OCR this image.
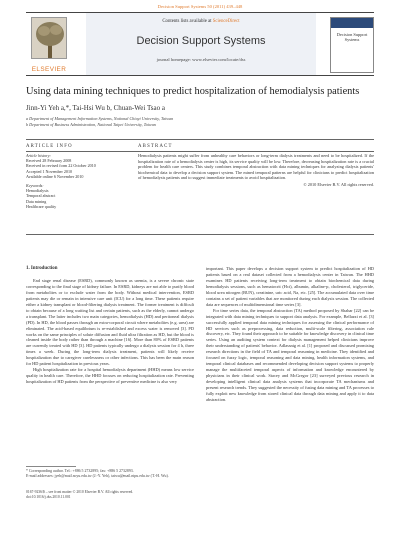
Decision Support Systems 50 (2011) 439–448
ELSEVIER
Contents lists available at ScienceDirect
Decision Support Systems
journal homepage: www.elsevier.com/locate/dss
Decision Support Systems
Using data mining techniques to predict hospitalization of hemodialysis patients
Jinn-Yi Yeh a,*, Tai-Hsi Wu b, Chuan-Wei Tsao a
a Department of Management Information Systems, National Chiayi University, Taiwan
b Department of Business Administration, National Taipei University, Taiwan
ARTICLE INFO	ABSTRACT
Article history:
Received 28 February 2008
Received in revised form 22 October 2010
Accepted 1 November 2010
Available online 6 November 2010
Keywords:
Hemodialysis
Temporal abstract
Data mining
Healthcare quality
Hemodialysis patients might suffer from unhealthy care behaviors or long-term dialysis treatments and need to be hospitalized. If the hospitalization rate of a hemodialysis center is high, its service quality will be low. Therefore, decreasing hospitalization rate is a crucial problem for health care centers. This study combines temporal abstraction with data mining techniques for analyzing dialysis patients' biochemical data to develop a decision support system. The mined temporal patterns are helpful for clinicians to predict hospitalization of hemodialysis patients and to suggest immediate treatments to avoid hospitalization.
© 2010 Elsevier B.V. All rights reserved.
1. Introduction

End stage renal disease (ESRD), commonly known as uremia, is a severe chronic state corresponding to the final stage of kidney failure. In ESRD, kidneys are not able to purify blood from metabolites or to exclude water from the body. Without medical intervention, ESRD patients may die or remain in intensive care unit (ICU) for a long time. These patients require either a kidney transplant or blood-filtering dialysis treatment. The former treatment is difficult to obtain because of a long waiting list and certain patients, such as the elderly, cannot undergo a transplant. The latter includes two main categories, hemodialysis (HD) and peritoneal dialysis (PD). In HD, the blood passes through an extra-corporal circuit where metabolites (e.g. urea) are eliminated. The acid-based equilibrium is re-established and excess water is removed [3]. PD works on the same principles of solute diffusion and fluid ultra filtration as HD, but the blood is cleaned inside the body rather than through a machine [16]. More than 80% of ESRD patients are currently treated with HD [3]. HD patients typically undergo a dialysis session for 4 h, three times a week. During the long-term dialysis treatment, patients will likely receive hospitalization due to caregiver carelessness or other infections. This has been the main reason for HD patient hospitalization in previous years.

High hospitalization rate for a hospital hemodialysis department (HHD) means low service quality in health care. Therefore, the HHD focuses on reducing hospitalization rate. Preventing hospitalization of HD patients from the perspective of preventive medicine is also very

important. This paper develops a decision support system to predict hospitalization of HD patients based on a real dataset collected from a hemodialysis center in Taiwan. The HHD examines HD patients receiving long-term treatment to obtain biochemical data during hemodialysis sessions, such as hematocrit (Hct), albumin, alkaline-p, cholesterol, triglyceride, blood urea nitrogen (BUN), creatinine, uric acid, Na, etc. [25]. The accumulated data over time contains a set of patient variables that are monitored during each dialysis session. The collected data are sequences of multidimensional time series [3].

For time series data, the temporal abstraction (TA) method proposed by Shahar [22] can be integrated with data mining techniques to support data analysis. For example, Bellazzi et al. [3] successfully applied temporal data mining techniques for assessing the clinical performance of HD services such as preprocessing, data reduction, multi-scale filtering, association rule discovery, etc. They found their approach to be suitable for knowledge discovery in clinical time series. Using an auditing system context for dialysis management helped clinicians improve their understanding of patients' behavior. Adlassnig et al. [1] proposed and discussed promising research directions in the field of TA and temporal reasoning in medicine. They identified and focused on fuzzy logic, temporal reasoning and data mining, health information systems, and temporal clinical databases and recommended developing decision support systems to properly manage the multifaceted temporal aspects of information and knowledge encountered by physicians in their clinical work. Stacey and McGregor [23] surveyed previous research in developing intelligent clinical data analysis systems that incorporate TA mechanisms and present research trends. They suggested the necessity of fusing data mining and TA processes to fully exploit new knowledge from stored clinical data through data mining and apply it to data abstraction.

* Corresponding author. Tel.: +886 5 2732895; fax: +886 5 2732893.
E-mail addresses: jyeh@mail.ncyu.edu.tw (J.-Y. Yeh), taiwu@mail.ntpu.edu.tw (T.-H. Wu).
0167-9236/$ – see front matter © 2010 Elsevier B.V. All rights reserved.
doi:10.1016/j.dss.2010.11.001
